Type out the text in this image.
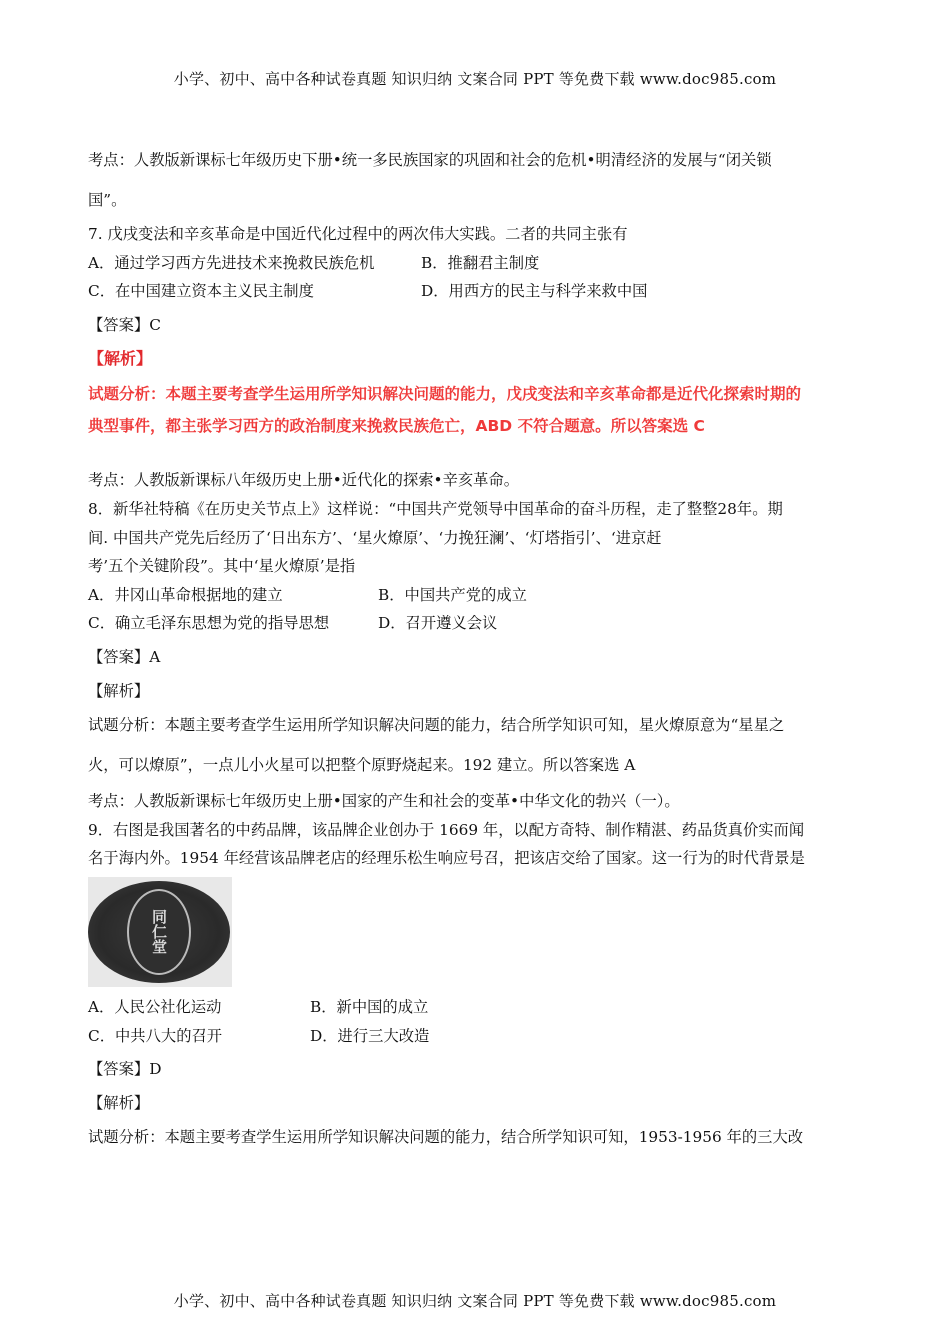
小学、初中、高中各种试卷真题 知识归纳 文案合同 PPT 等免费下载 www.doc985.com
考点：人教版新课标七年级历史下册•统一多民族国家的巩固和社会的危机•明清经济的发展与“闭关锁
国”。
7. 戊戌变法和辛亥革命是中国近代化过程中的两次伟大实践。二者的共同主张有
A．通过学习西方先进技术来挽救民族危机	B．推翻君主制度
C．在中国建立资本主义民主制度	D．用西方的民主与科学来救中国
【答案】C
【解析】
试题分析：本题主要考查学生运用所学知识解决问题的能力，戊戌变法和辛亥革命都是近代化探索时期的
典型事件，都主张学习西方的政治制度来挽救民族危亡，ABD 不符合题意。所以答案选 C
考点：人教版新课标八年级历史上册•近代化的探索•辛亥革命。
8．新华社特稿《在历史关节点上》这样说：“中国共产党领导中国革命的奋斗历程，走了整整28年。期
间. 中国共产党先后经历了‘日出东方’、‘星火燎原’、‘力挽狂澜’、‘灯塔指引’、‘进京赶
考’五个关键阶段”。其中‘星火燎原’是指
A．井冈山革命根据地的建立	B．中国共产党的成立
C．确立毛泽东思想为党的指导思想	D．召开遵义会议
【答案】A
【解析】
试题分析：本题主要考查学生运用所学知识解决问题的能力，结合所学知识可知，星火燎原意为“星星之
火，可以燎原”，一点儿小火星可以把整个原野烧起来。192 建立。所以答案选 A
考点：人教版新课标七年级历史上册•国家的产生和社会的变革•中华文化的勃兴（一）。
9．右图是我国著名的中药品牌，该品牌企业创办于 1669 年，以配方奇特、制作精湛、药品货真价实而闻
名于海内外。1954 年经营该品牌老店的经理乐松生响应号召，把该店交给了国家。这一行为的时代背景是
同仁堂
A．人民公社化运动	B．新中国的成立
C．中共八大的召开	D．进行三大改造
【答案】D
【解析】
试题分析：本题主要考查学生运用所学知识解决问题的能力，结合所学知识可知，1953-1956 年的三大改
小学、初中、高中各种试卷真题 知识归纳 文案合同 PPT 等免费下载 www.doc985.com
